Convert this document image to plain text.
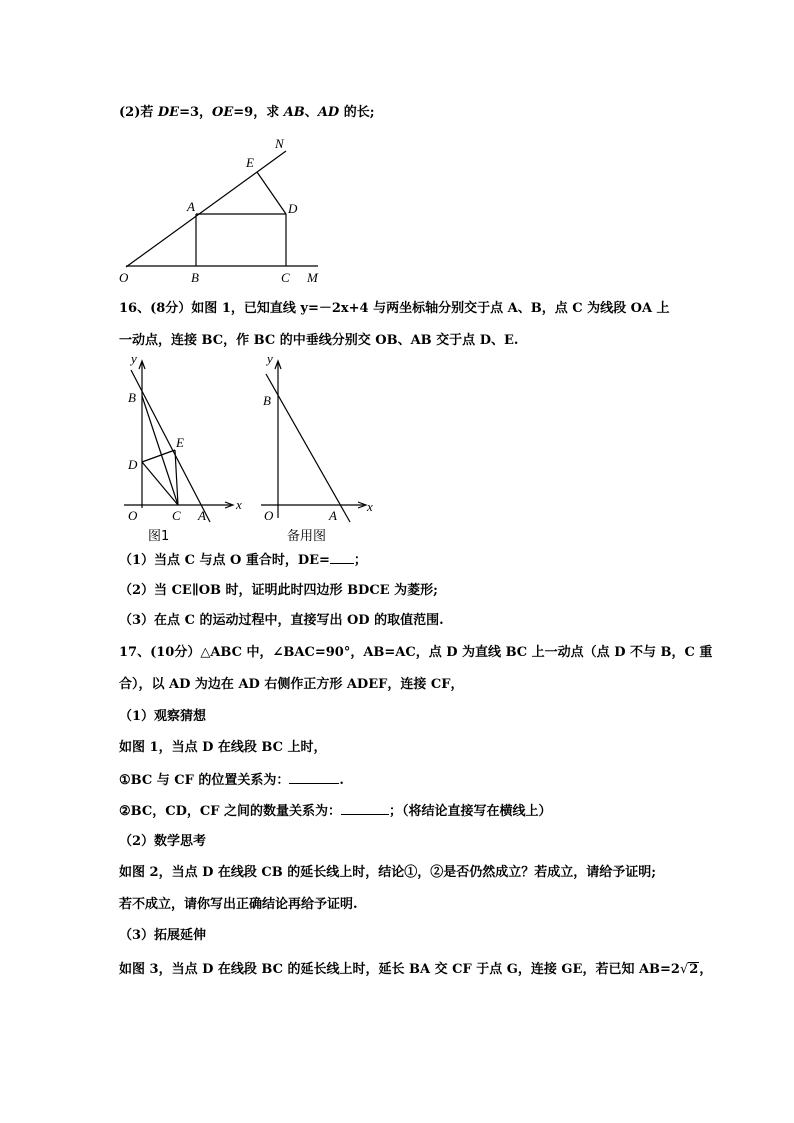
(2)若 DE=3，OE=9，求 AB、AD 的长;
N
E
A	D
O	B	C M
16、(8分）如图 1，已知直线 y=－2x+4 与两坐标轴分别交于点 A、B，点 C 为线段 OA 上
一动点，连接 BC，作 BC 的中垂线分别交 OB、AB 交于点 D、E.
y
B
E
D
O	C A
x
图1
y
B
O	A
x
备用图
（1）当点 C 与点 O 重合时，DE= ；
（2）当 CE∥OB 时，证明此时四边形 BDCE 为菱形;
（3）在点 C 的运动过程中，直接写出 OD 的取值范围.
17、(10分）△ABC 中，∠BAC=90°，AB=AC，点 D 为直线 BC 上一动点（点 D 不与 B，C 重
合），以 AD 为边在 AD 右侧作正方形 ADEF，连接 CF，
（1）观察猜想
如图 1，当点 D 在线段 BC 上时，
①BC 与 CF 的位置关系为：	.
②BC，CD，CF 之间的数量关系为：	；（将结论直接写在横线上）
（2）数学思考
如图 2，当点 D 在线段 CB 的延长线上时，结论①，②是否仍然成立？若成立，请给予证明;
若不成立，请你写出正确结论再给予证明.
（3）拓展延伸
如图 3，当点 D 在线段 BC 的延长线上时，延长 BA 交 CF 于点 G，连接 GE，若已知 AB=2√2，
